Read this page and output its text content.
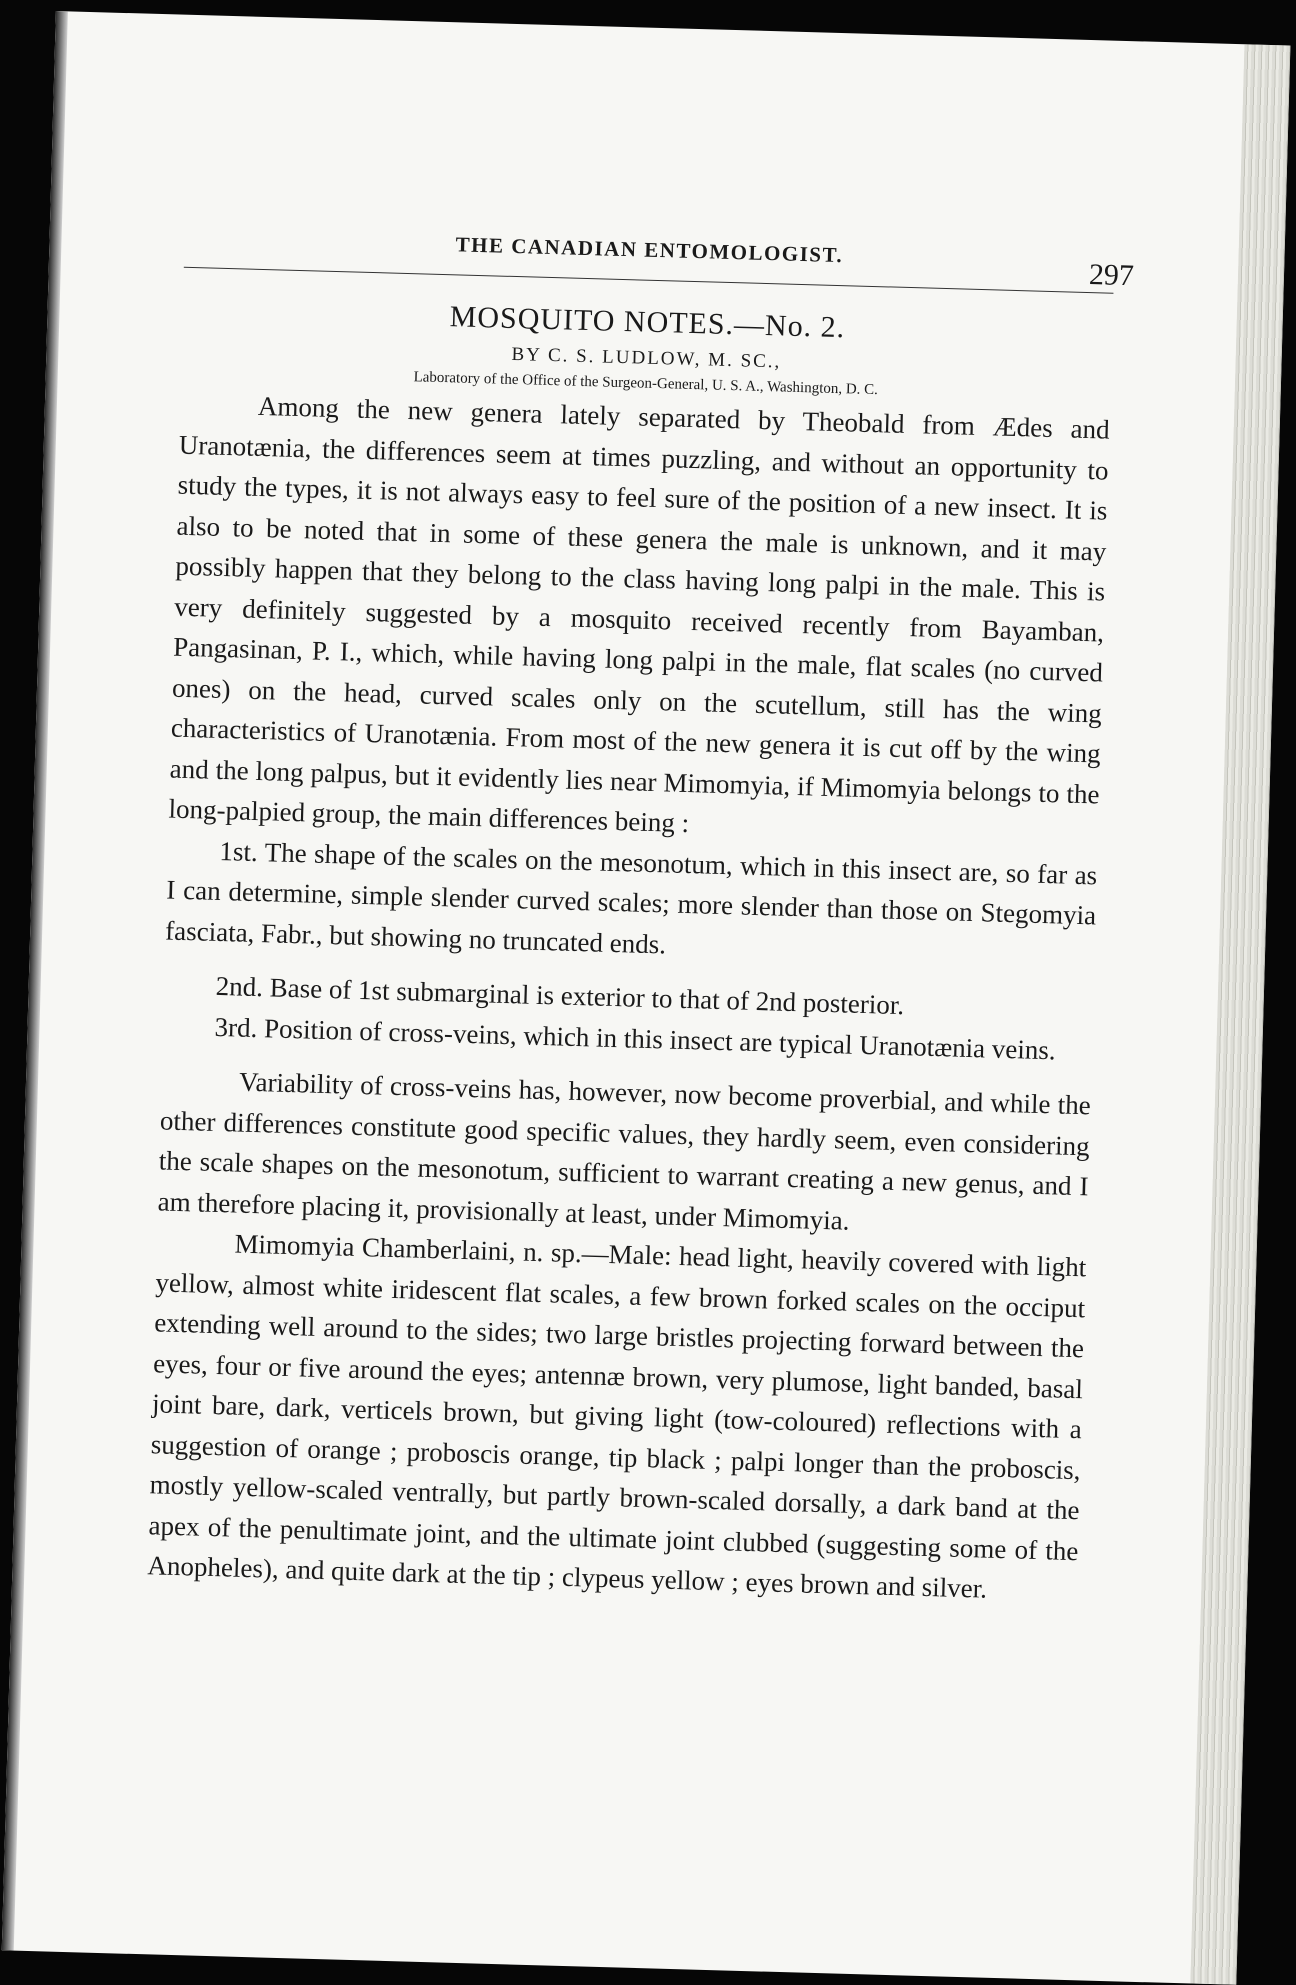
THE CANADIAN ENTOMOLOGIST.
297
MOSQUITO NOTES.—No. 2.
BY C. S. LUDLOW, M. SC.,
Laboratory of the Office of the Surgeon-General, U. S. A., Washington, D. C.

Among the new genera lately separated by Theobald from Ædes and Uranotænia, the differences seem at times puzzling, and without an opportunity to study the types, it is not always easy to feel sure of the position of a new insect. It is also to be noted that in some of these genera the male is unknown, and it may possibly happen that they belong to the class having long palpi in the male. This is very definitely suggested by a mosquito received recently from Bayamban, Pangasinan, P. I., which, while having long palpi in the male, flat scales (no curved ones) on the head, curved scales only on the scutellum, still has the wing characteristics of Uranotænia. From most of the new genera it is cut off by the wing and the long palpus, but it evidently lies near Mimomyia, if Mimomyia belongs to the long-palpied group, the main differences being :

1st. The shape of the scales on the mesonotum, which in this insect are, so far as I can determine, simple slender curved scales; more slender than those on Stegomyia fasciata, Fabr., but showing no truncated ends.

2nd. Base of 1st submarginal is exterior to that of 2nd posterior.

3rd. Position of cross-veins, which in this insect are typical Uranotænia veins.

Variability of cross-veins has, however, now become proverbial, and while the other differences constitute good specific values, they hardly seem, even considering the scale shapes on the mesonotum, sufficient to warrant creating a new genus, and I am therefore placing it, provisionally at least, under Mimomyia.

Mimomyia Chamberlaini, n. sp.—Male: head light, heavily covered with light yellow, almost white iridescent flat scales, a few brown forked scales on the occiput extending well around to the sides; two large bristles projecting forward between the eyes, four or five around the eyes; antennæ brown, very plumose, light banded, basal joint bare, dark, verticels brown, but giving light (tow-coloured) reflections with a suggestion of orange ; proboscis orange, tip black ; palpi longer than the proboscis, mostly yellow-scaled ventrally, but partly brown-scaled dorsally, a dark band at the apex of the penultimate joint, and the ultimate joint clubbed (suggesting some of the Anopheles), and quite dark at the tip ; clypeus yellow ; eyes brown and silver.
